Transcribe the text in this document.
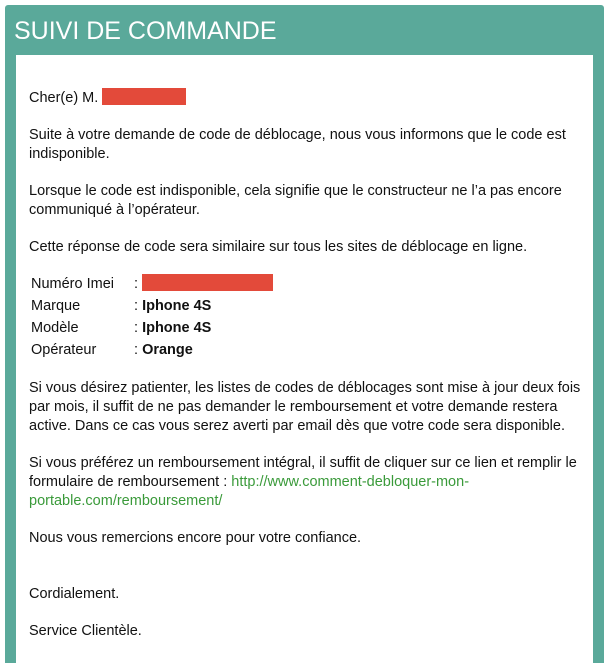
SUIVI DE COMMANDE

Cher(e) M.

Suite à votre demande de code de déblocage, nous vous informons que le code est indisponible.

Lorsque le code est indisponible, cela signifie que le constructeur ne l’a pas encore communiqué à l’opérateur.

Cette réponse de code sera similaire sur tous les sites de déblocage en ligne.

Numéro Imei	:
Marque	: Iphone 4S
Modèle	: Iphone 4S
Opérateur	: Orange

Si vous désirez patienter, les listes de codes de déblocages sont mise à jour deux fois par mois, il suffit de ne pas demander le remboursement et votre demande restera active. Dans ce cas vous serez averti par email dès que votre code sera disponible.

Si vous préférez un remboursement intégral, il suffit de cliquer sur ce lien et remplir le formulaire de remboursement : http://www.comment-debloquer-mon-portable.com/remboursement/

Nous vous remercions encore pour votre confiance.

Cordialement.

Service Clientèle.
